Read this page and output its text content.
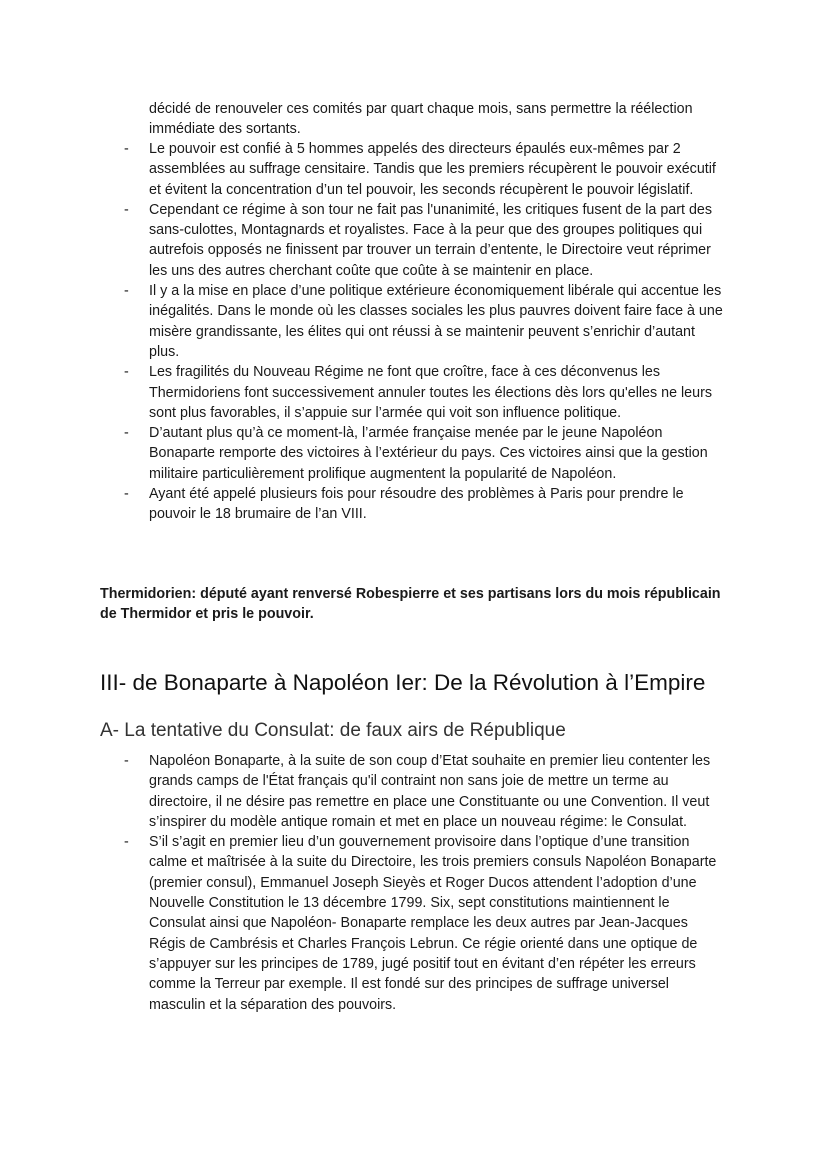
décidé de renouveler ces comités par quart chaque mois, sans permettre la réélection immédiate des sortants.

-	Le pouvoir est confié à 5 hommes appelés des directeurs épaulés eux-mêmes par 2 assemblées au suffrage censitaire. Tandis que les premiers récupèrent le pouvoir exécutif et évitent la concentration d’un tel pouvoir, les seconds récupèrent le pouvoir législatif.
-	Cependant ce régime à son tour ne fait pas l'unanimité, les critiques fusent de la part des sans-culottes, Montagnards et royalistes. Face à la peur que des groupes politiques qui autrefois opposés ne finissent par trouver un terrain d’entente, le Directoire veut réprimer les uns des autres cherchant coûte que coûte à se maintenir en place.
-	Il y a la mise en place d’une politique extérieure économiquement libérale qui accentue les inégalités. Dans le monde où les classes sociales les plus pauvres doivent faire face à une misère grandissante, les élites qui ont réussi à se maintenir peuvent s’enrichir d’autant plus.
-	Les fragilités du Nouveau Régime ne font que croître, face à ces déconvenus les Thermidoriens font successivement annuler toutes les élections dès lors qu'elles ne leurs sont plus favorables, il s’appuie sur l’armée qui voit son influence politique.
-	D’autant plus qu’à ce moment-là, l’armée française menée par le jeune Napoléon Bonaparte remporte des victoires à l’extérieur du pays. Ces victoires ainsi que la gestion militaire particulièrement prolifique augmentent la popularité de Napoléon.
-	Ayant été appelé plusieurs fois pour résoudre des problèmes à Paris pour prendre le pouvoir le 18 brumaire de l’an VIII.

Thermidorien: député ayant renversé Robespierre et ses partisans lors du mois républicain de Thermidor et pris le pouvoir.

III- de Bonaparte à Napoléon Ier: De la Révolution à l’Empire
A- La tentative du Consulat: de faux airs de République
-	Napoléon Bonaparte, à la suite de son coup d’Etat souhaite en premier lieu contenter les grands camps de l'État français qu'il contraint non sans joie de mettre un terme au directoire, il ne désire pas remettre en place une Constituante ou une Convention. Il veut s’inspirer du modèle antique romain et met en place un nouveau régime: le Consulat.
-	S’il s’agit en premier lieu d’un gouvernement provisoire dans l’optique d’une transition calme et maîtrisée à la suite du Directoire, les trois premiers consuls Napoléon Bonaparte (premier consul), Emmanuel Joseph Sieyès et Roger Ducos attendent l’adoption d’une Nouvelle Constitution le 13 décembre 1799. Six, sept constitutions maintiennent le Consulat ainsi que Napoléon- Bonaparte remplace les deux autres par Jean-Jacques Régis de Cambrésis et Charles François Lebrun. Ce régie orienté dans une optique de s’appuyer sur les principes de 1789, jugé positif tout en évitant d’en répéter les erreurs comme la Terreur par exemple. Il est fondé sur des principes de suffrage universel masculin et la séparation des pouvoirs.
